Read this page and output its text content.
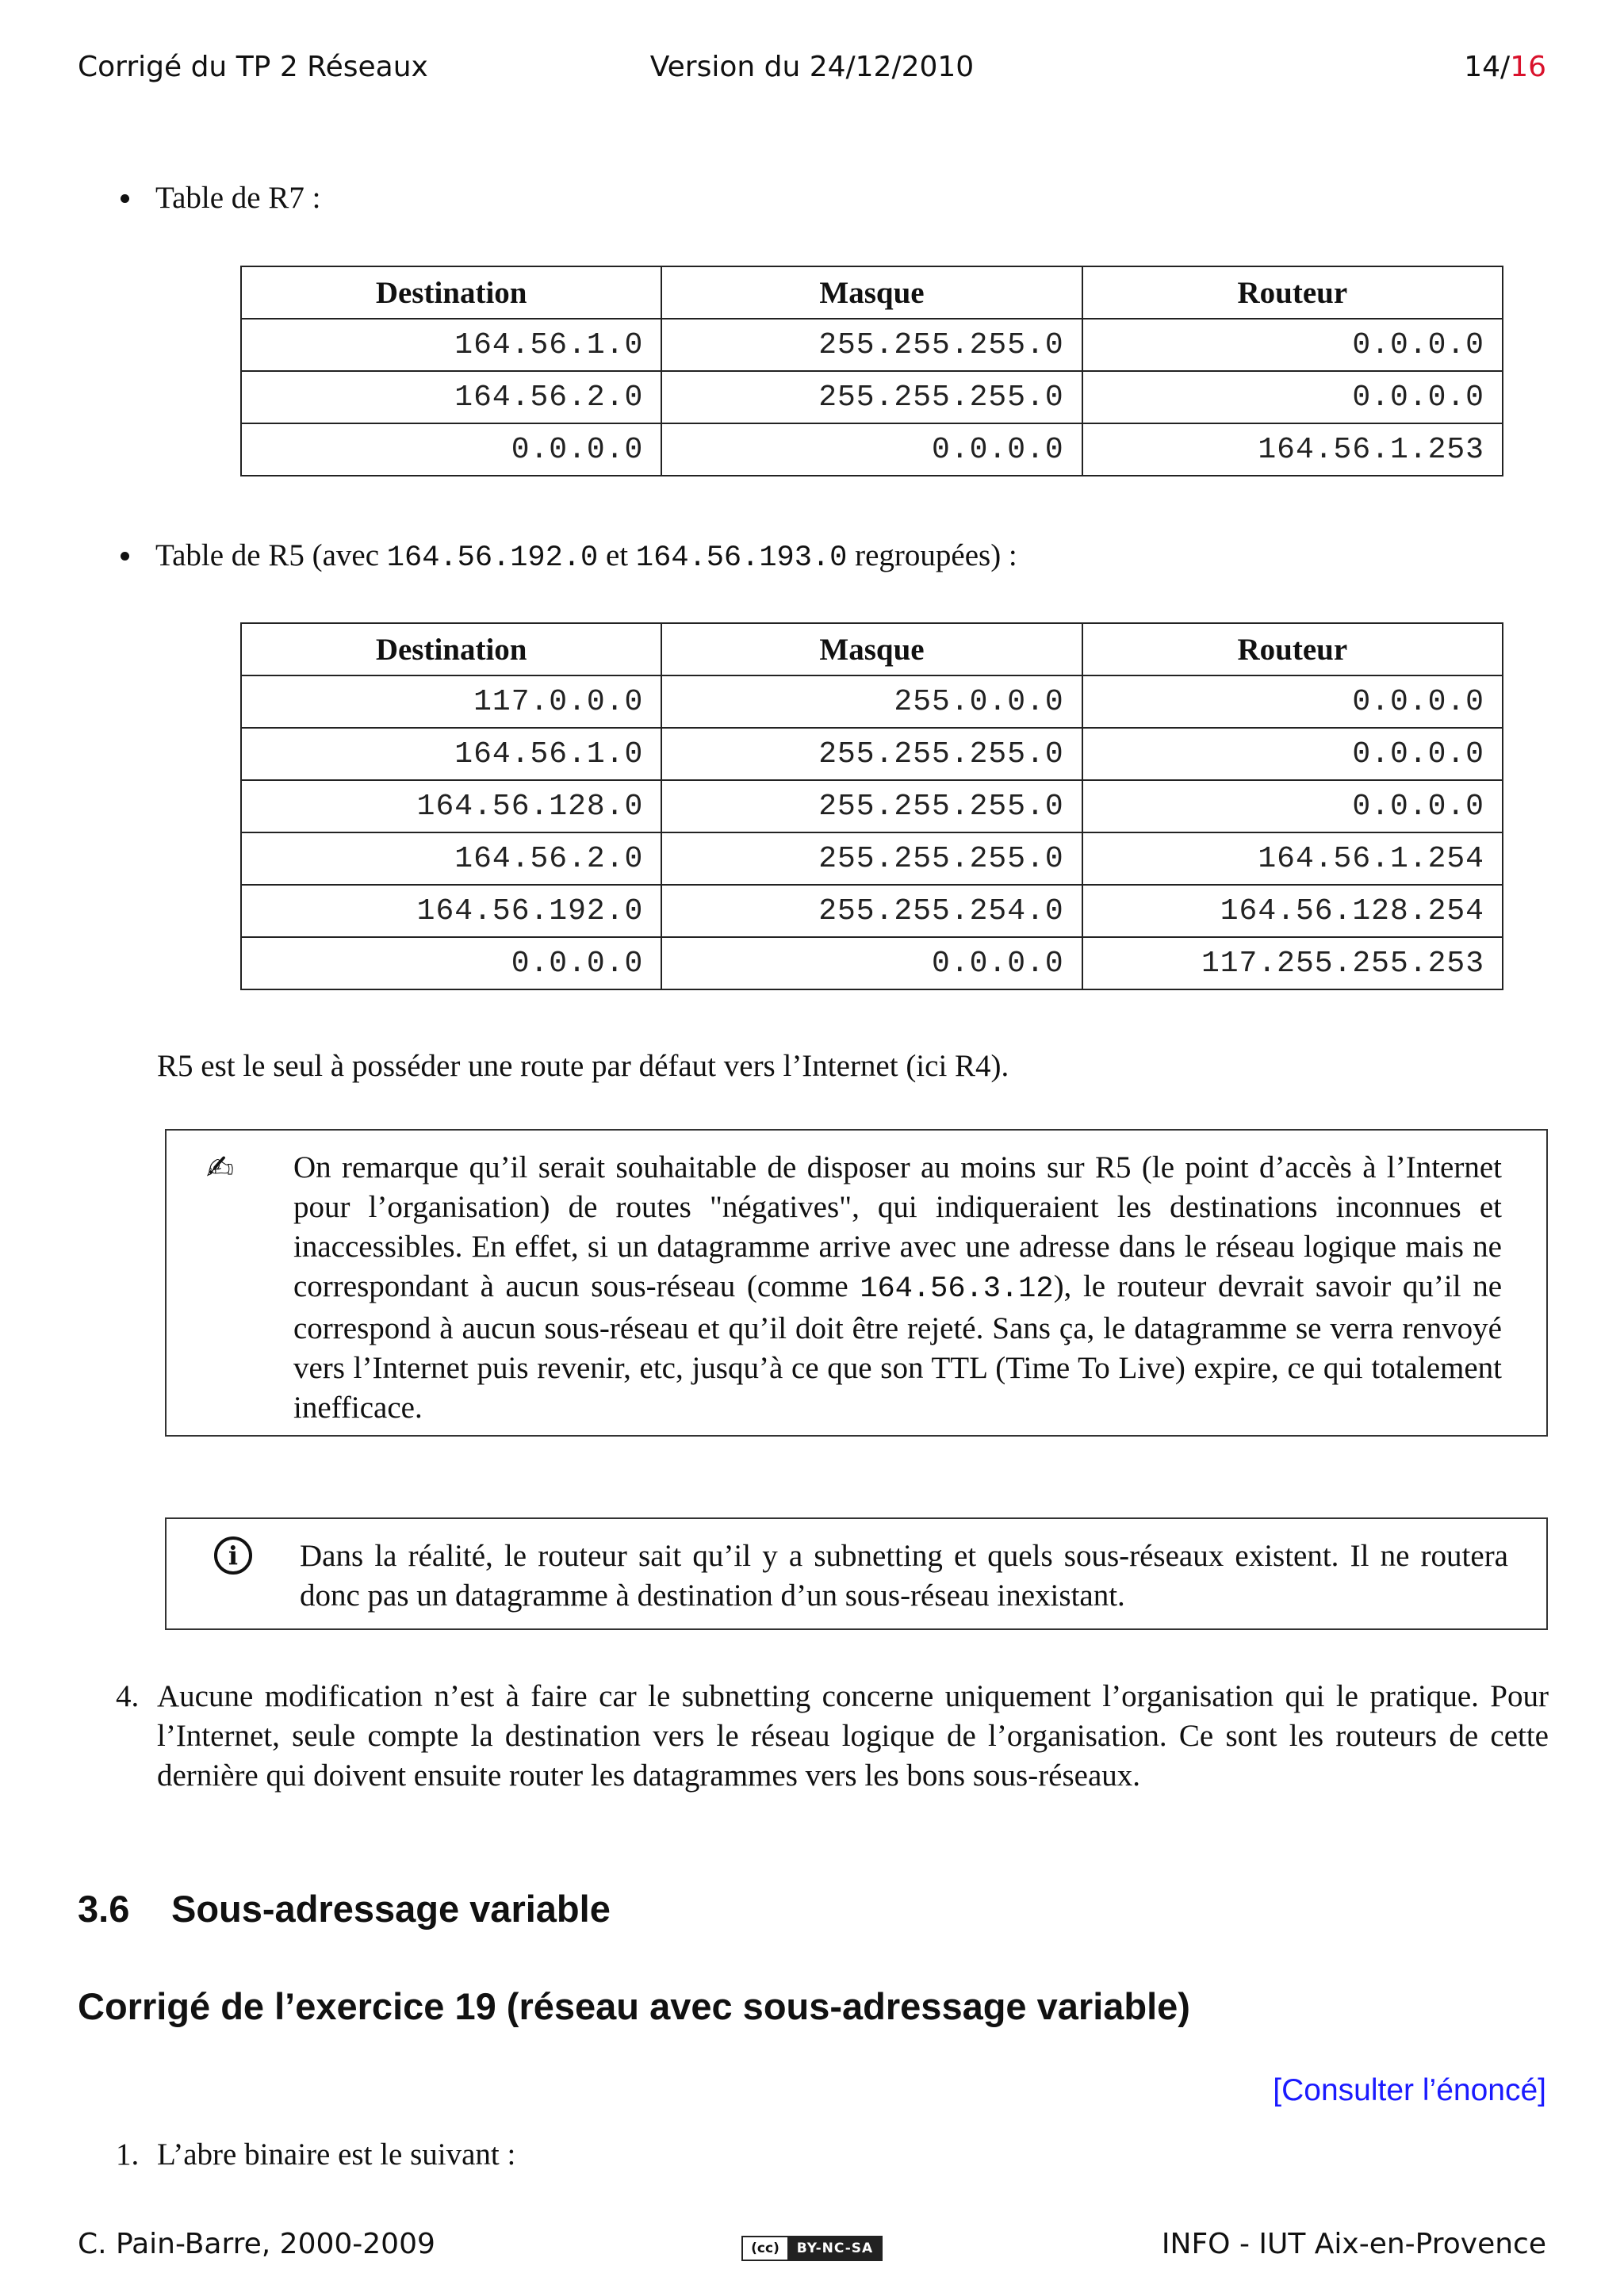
Corrigé du TP 2 Réseaux	Version du 24/12/2010	14/16
Table de R7 :
Destination	Masque	Routeur
164.56.1.0	255.255.255.0	0.0.0.0
164.56.2.0	255.255.255.0	0.0.0.0
0.0.0.0	0.0.0.0	164.56.1.253
Table de R5 (avec 164.56.192.0 et 164.56.193.0 regroupées) :
Destination	Masque	Routeur
117.0.0.0	255.0.0.0	0.0.0.0
164.56.1.0	255.255.255.0	0.0.0.0
164.56.128.0	255.255.255.0	0.0.0.0
164.56.2.0	255.255.255.0	164.56.1.254
164.56.192.0	255.255.254.0	164.56.128.254
0.0.0.0	0.0.0.0	117.255.255.253
R5 est le seul à posséder une route par défaut vers l’Internet (ici R4).
✍ On remarque qu’il serait souhaitable de disposer au moins sur R5 (le point d’accès à l’Internet pour l’organisation) de routes "négatives", qui indiqueraient les destinations inconnues et inaccessibles. En effet, si un datagramme arrive avec une adresse dans le réseau logique mais ne correspondant à aucun sous-réseau (comme 164.56.3.12), le routeur devrait savoir qu’il ne correspond à aucun sous-réseau et qu’il doit être rejeté. Sans ça, le datagramme se verra renvoyé vers l’Internet puis revenir, etc, jusqu’à ce que son TTL (Time To Live) expire, ce qui totalement inefficace.
i	Dans la réalité, le routeur sait qu’il y a subnetting et quels sous-réseaux existent. Il ne routera donc pas un datagramme à destination d’un sous-réseau inexistant.
4. Aucune modification n’est à faire car le subnetting concerne uniquement l’organisation qui le pratique. Pour l’Internet, seule compte la destination vers le réseau logique de l’organisation. Ce sont les routeurs de cette dernière qui doivent ensuite router les datagrammes vers les bons sous-réseaux.
3.6 Sous-adressage variable
Corrigé de l’exercice 19 (réseau avec sous-adressage variable)
[Consulter l’énoncé]
1. L’abre binaire est le suivant :
C. Pain-Barre, 2000-2009	INFO - IUT Aix-en-Provence
(cc)	BY-NC-SA
